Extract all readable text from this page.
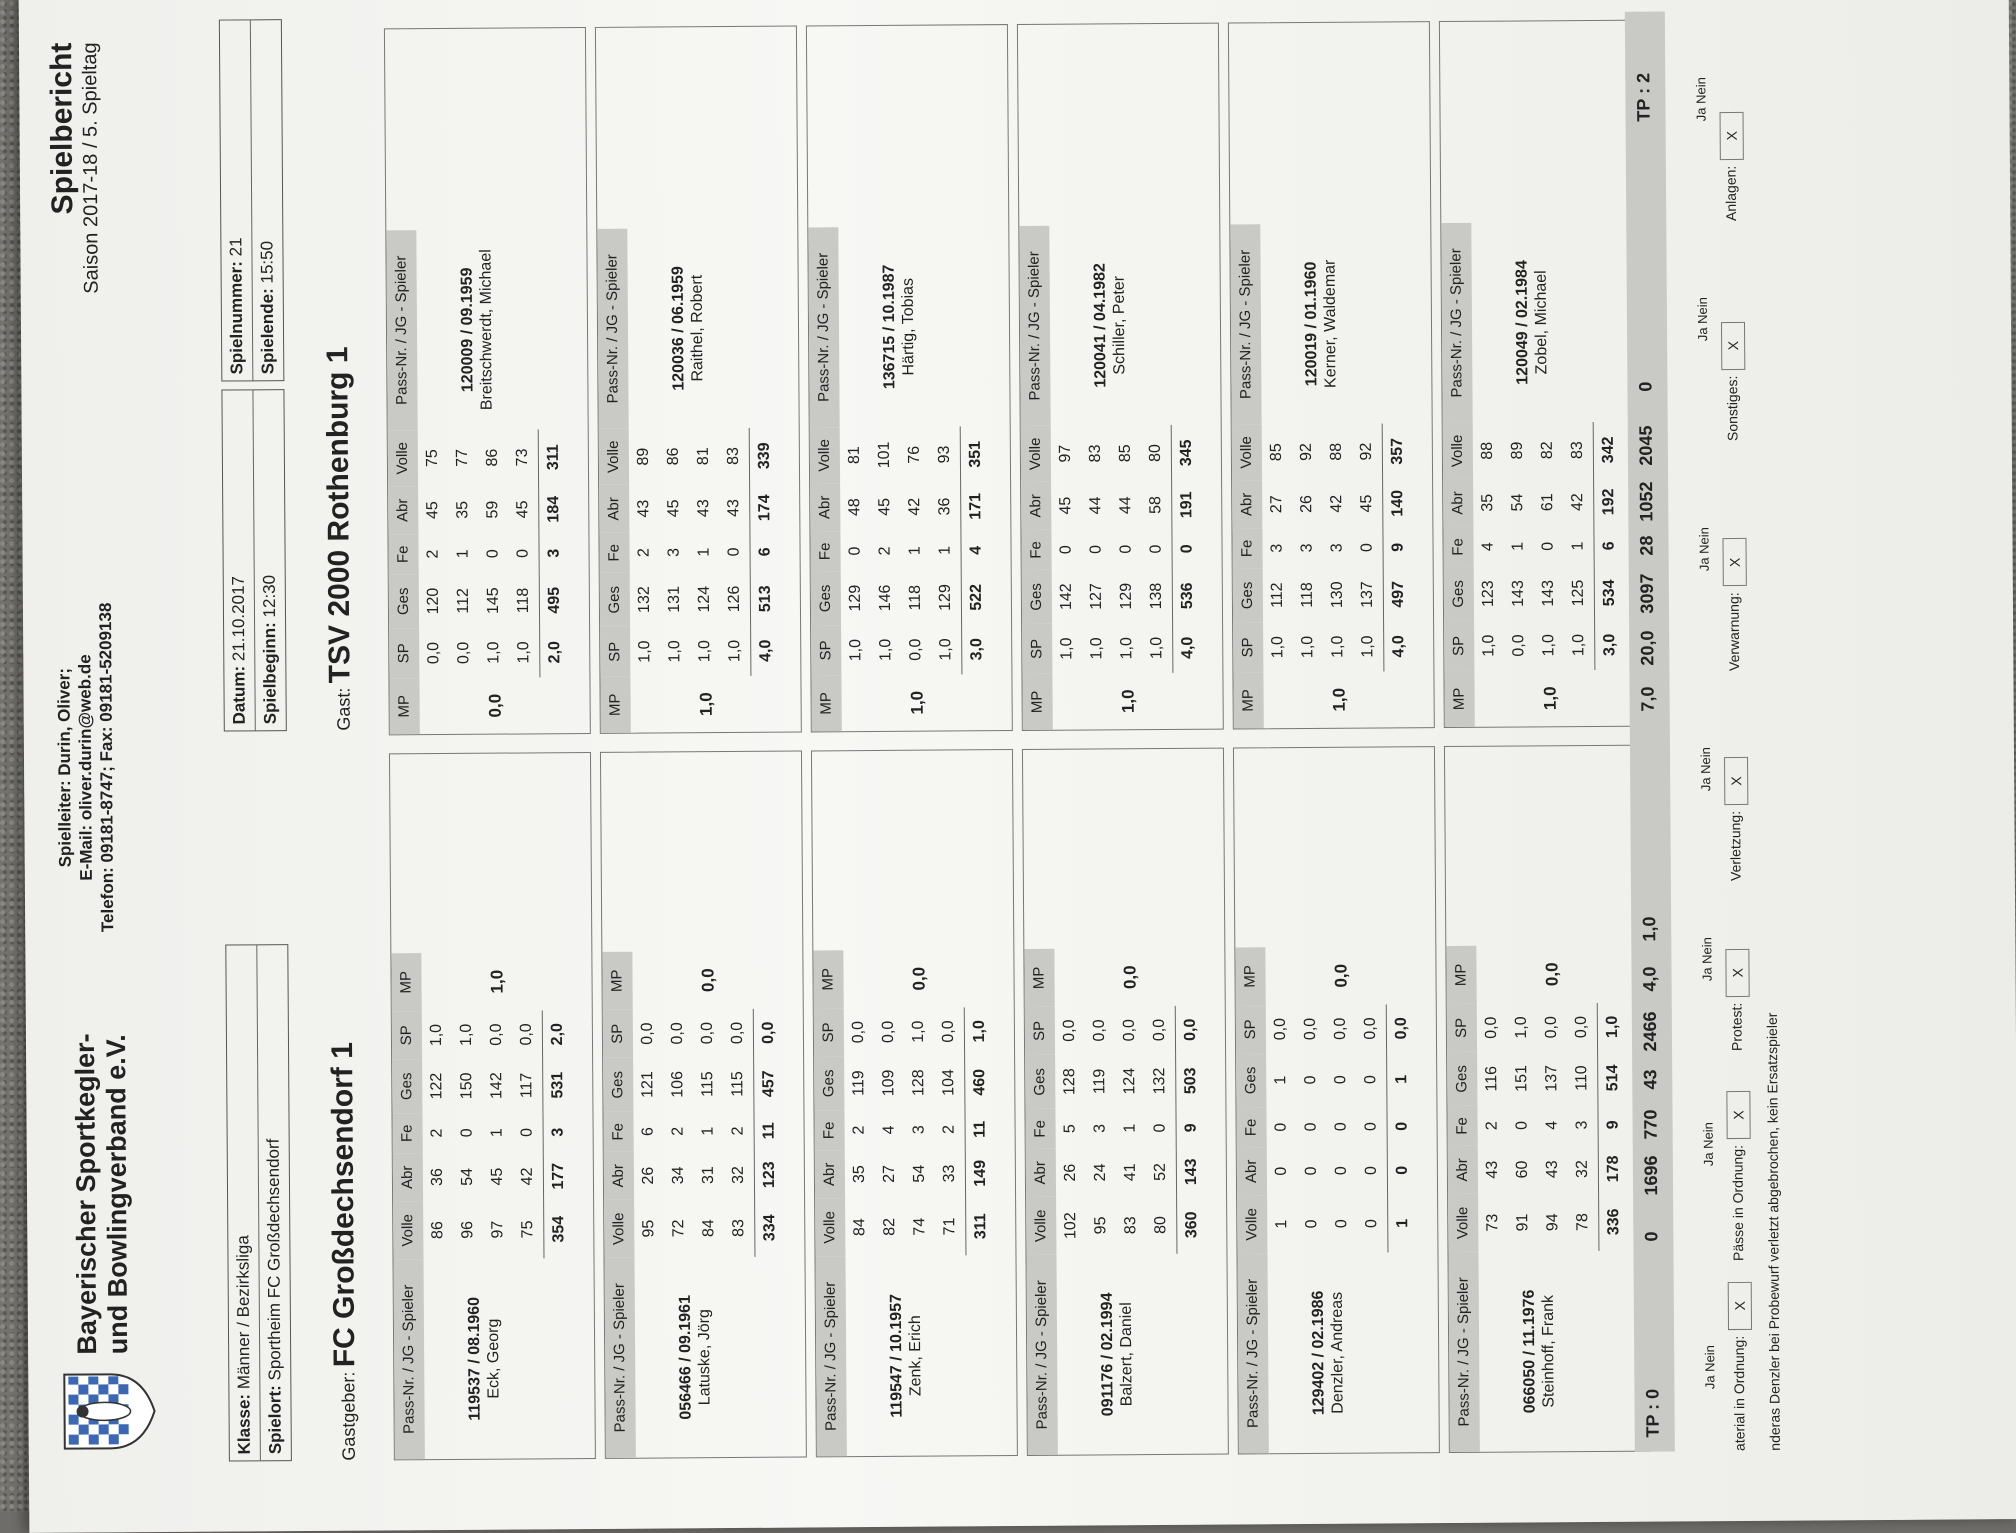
Bayerischer Sportkegler-
und Bowlingverband e.V.
Spielleiter: Durin, Oliver; E-Mail: oliver.durin@web.de Telefon: 09181-8747; Fax: 09181-5209138
Spielbericht Saison 2017-18 / 5. Spieltag
Klasse: Männer / Bezirksliga
Spielort: Sportheim FC Großdechsendorf
Datum: 21.10.2017
Spielbeginn: 12:30
Spielnummer: 21
Spielende: 15:50
Gastgeber: FC Großdechsendorf 1
Gast: TSV 2000 Rothenburg 1
Pass-Nr. / JG - Spieler
Volle
Abr
Fe
Ges
SP
MP
119537 / 08.1960 Eck, Georg
86
36
2
122
1,0
1,0
96
54
0
150
1,0
97
45
1
142
0,0
75
42
0
117
0,0
354
177
3
531
2,0
MP
SP
Ges
Fe
Abr
Volle
Pass-Nr. / JG - Spieler
0,0
0,0
120
2
45
75
120009 / 09.1959 Breitschwerdt, Michael
0,0
112
1
35
77
1,0
145
0
59
86
1,0
118
0
45
73
2,0
495
3
184
311
Pass-Nr. / JG - Spieler
Volle
Abr
Fe
Ges
SP
MP
056466 / 09.1961 Latuske, Jörg
95
26
6
121
0,0
0,0
72
34
2
106
0,0
84
31
1
115
0,0
83
32
2
115
0,0
334
123
11
457
0,0
MP
SP
Ges
Fe
Abr
Volle
Pass-Nr. / JG - Spieler
1,0
1,0
132
2
43
89
120036 / 06.1959 Raithel, Robert
1,0
131
3
45
86
1,0
124
1
43
81
1,0
126
0
43
83
4,0
513
6
174
339
Pass-Nr. / JG - Spieler
Volle
Abr
Fe
Ges
SP
MP
119547 / 10.1957 Zenk, Erich
84
35
2
119
0,0
0,0
82
27
4
109
0,0
74
54
3
128
1,0
71
33
2
104
0,0
311
149
11
460
1,0
MP
SP
Ges
Fe
Abr
Volle
Pass-Nr. / JG - Spieler
1,0
1,0
129
0
48
81
136715 / 10.1987 Härtig, Tobias
1,0
146
2
45
101
0,0
118
1
42
76
1,0
129
1
36
93
3,0
522
4
171
351
Pass-Nr. / JG - Spieler
Volle
Abr
Fe
Ges
SP
MP
091176 / 02.1994 Balzert, Daniel
102
26
5
128
0,0
0,0
95
24
3
119
0,0
83
41
1
124
0,0
80
52
0
132
0,0
360
143
9
503
0,0
MP
SP
Ges
Fe
Abr
Volle
Pass-Nr. / JG - Spieler
1,0
1,0
142
0
45
97
120041 / 04.1982 Schiller, Peter
1,0
127
0
44
83
1,0
129
0
44
85
1,0
138
0
58
80
4,0
536
0
191
345
Pass-Nr. / JG - Spieler
Volle
Abr
Fe
Ges
SP
MP
129402 / 02.1986 Denzler, Andreas
1
0
0
1
0,0
0,0
0
0
0
0
0,0
0
0
0
0
0,0
0
0
0
0
0,0
1
0
0
1
0,0
MP
SP
Ges
Fe
Abr
Volle
Pass-Nr. / JG - Spieler
1,0
1,0
112
3
27
85
120019 / 01.1960 Kerner, Waldemar
1,0
118
3
26
92
1,0
130
3
42
88
1,0
137
0
45
92
4,0
497
9
140
357
Pass-Nr. / JG - Spieler
Volle
Abr
Fe
Ges
SP
MP
066050 / 11.1976 Steinhoff, Frank
73
43
2
116
0,0
0,0
91
60
0
151
1,0
94
43
4
137
0,0
78
32
3
110
0,0
336
178
9
514
1,0
MP
SP
Ges
Fe
Abr
Volle
Pass-Nr. / JG - Spieler
1,0
1,0
123
4
35
88
120049 / 02.1984 Zobel, Michael
0,0
143
1
54
89
1,0
143
0
61
82
1,0
125
1
42
83
3,0
534
6
192
342
TP : 0
0
1696
770
43
2466
4,0
1,0
7,0
20,0
3097
28
1052
2045
0
TP : 2
Ja Nein aterial in Ordnung:X
Ja Nein
Pässe in Ordnung:X
Ja Nein
Protest:X
Ja Nein
Verletzung:X
Ja Nein
Verwarnung:X
Ja Nein
Sonstiges:X
Ja Nein
Anlagen:X
nderas Denzler bei Probewurf verletzt abgebrochen, kein Ersatzspieler
